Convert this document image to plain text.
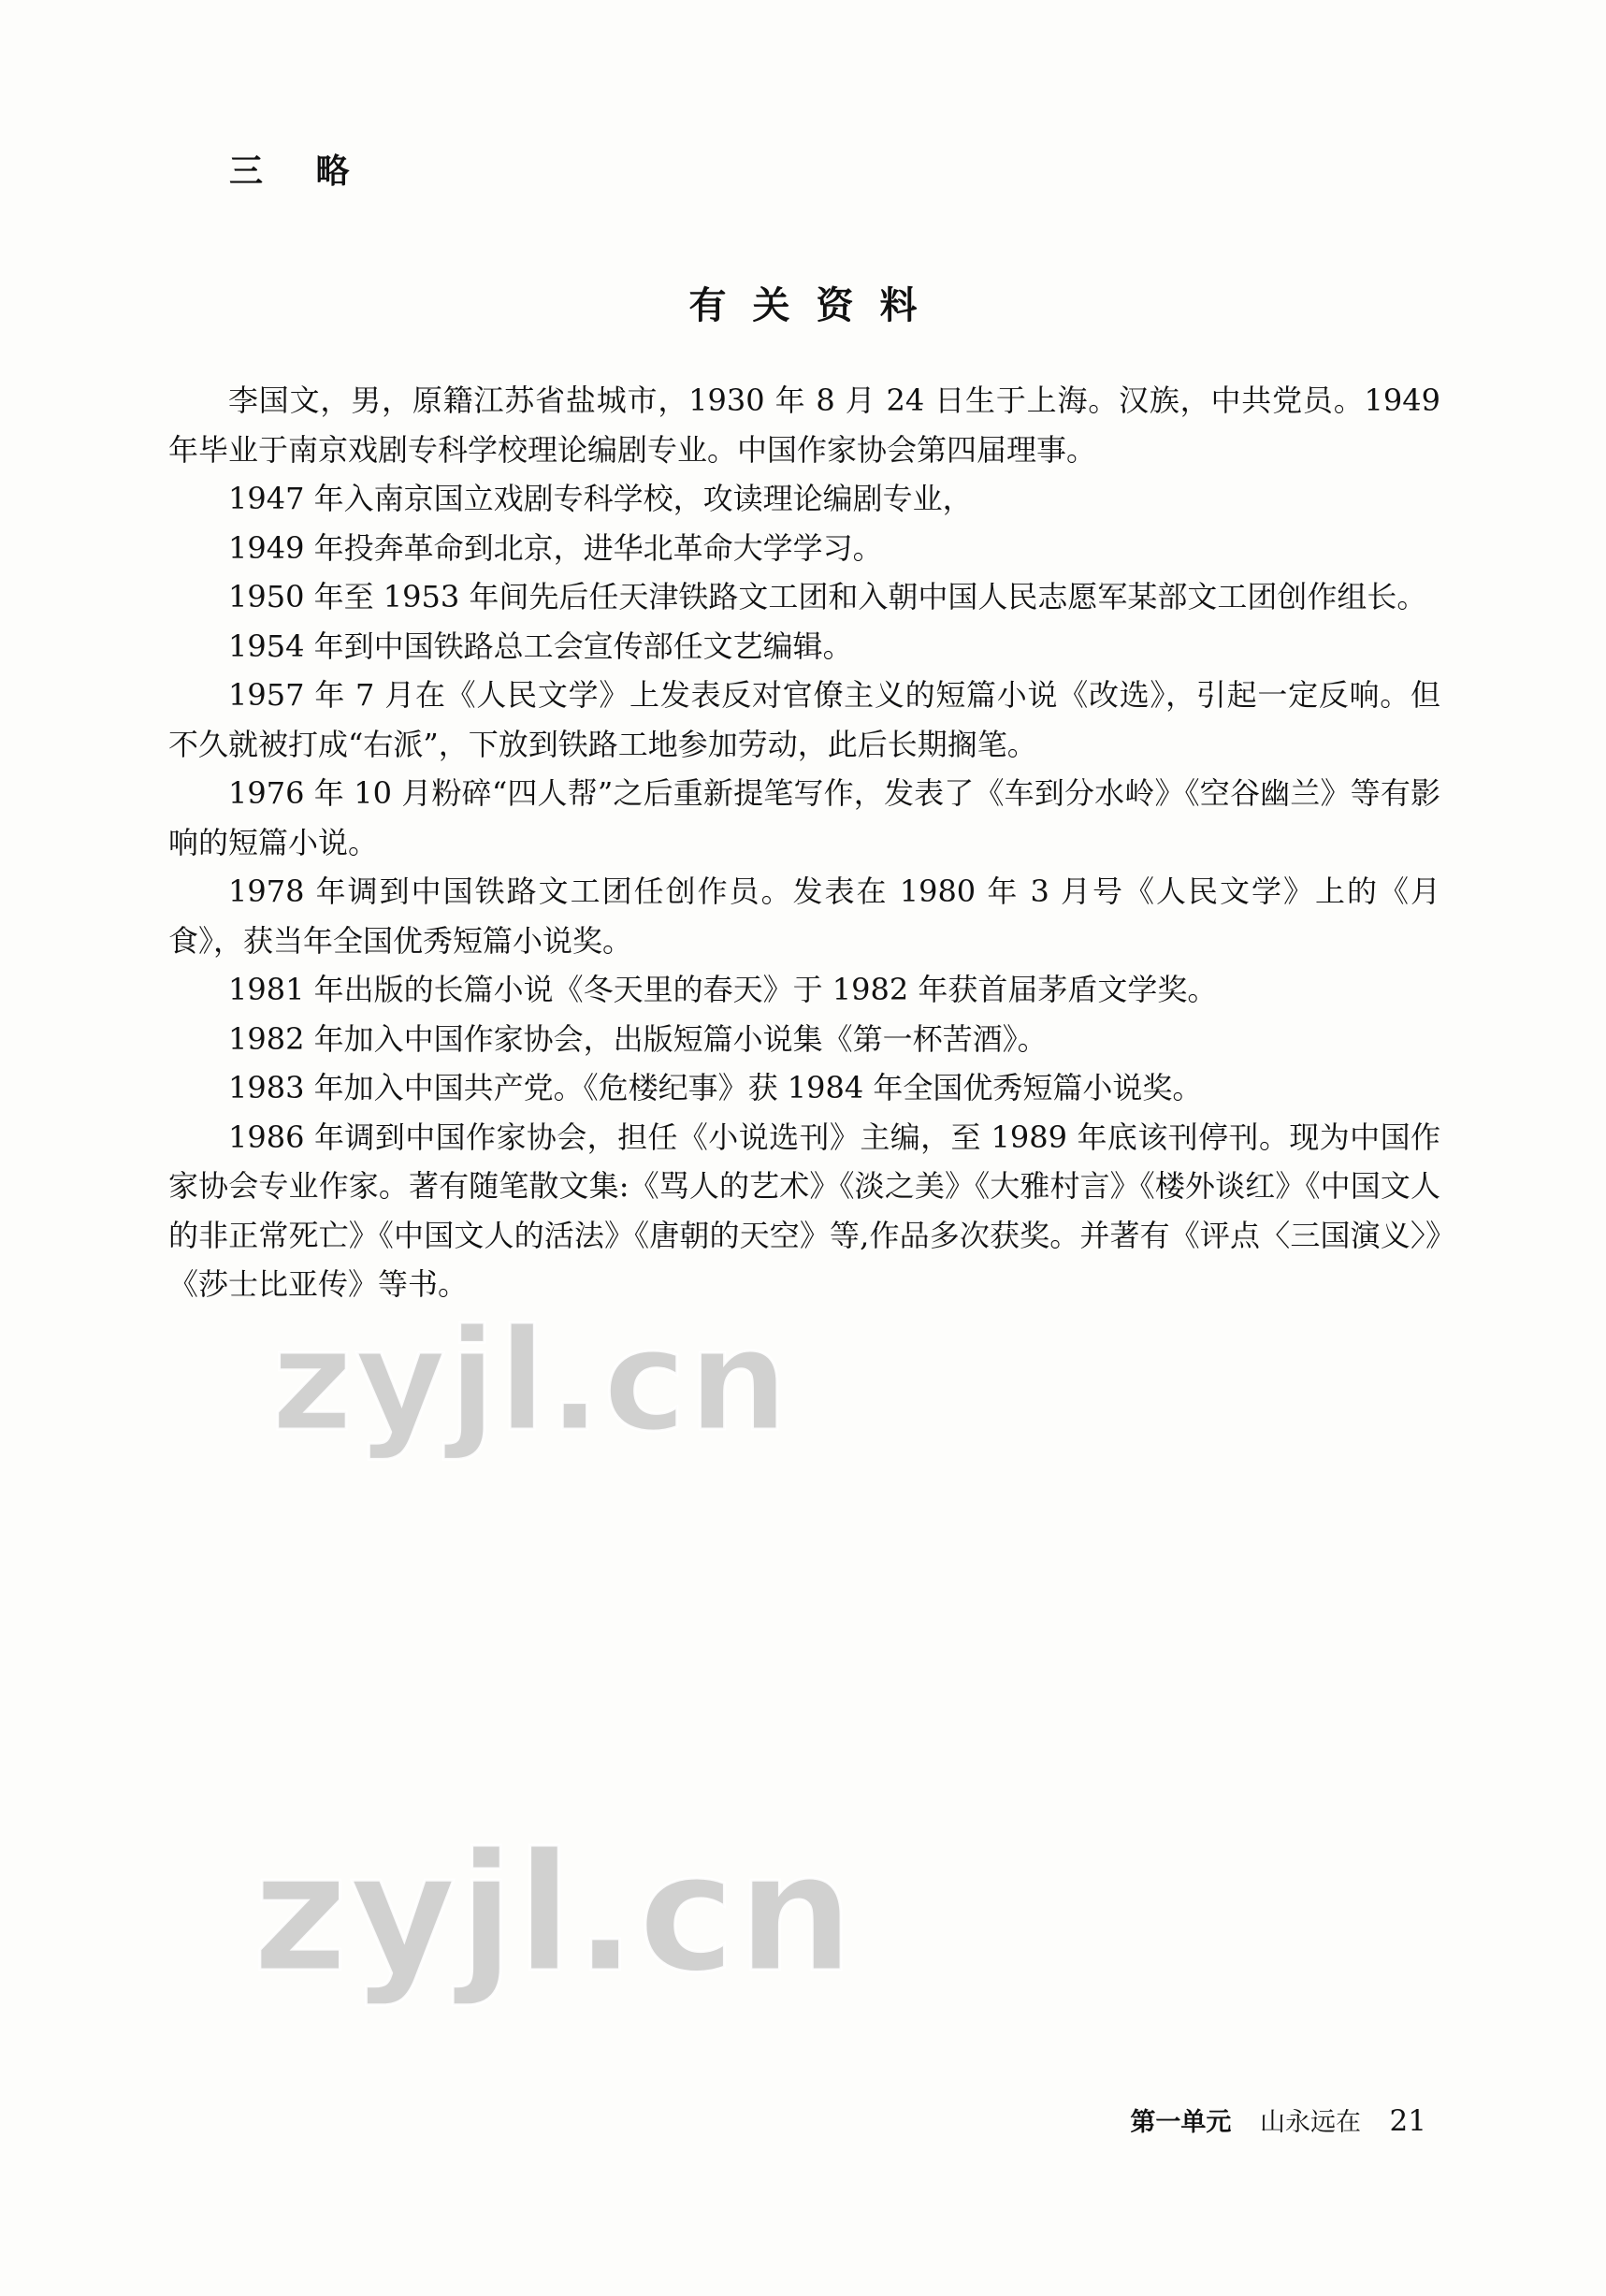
三 略
有关资料

李国文，男，原籍江苏省盐城市，1930 年 8 月 24 日生于上海。汉族，中共党员。1949 年毕业于南京戏剧专科学校理论编剧专业。中国作家协会第四届理事。

1947 年入南京国立戏剧专科学校，攻读理论编剧专业，

1949 年投奔革命到北京，进华北革命大学学习。

1950 年至 1953 年间先后任天津铁路文工团和入朝中国人民志愿军某部文工团创作组长。

1954 年到中国铁路总工会宣传部任文艺编辑。

1957 年 7 月在《人民文学》上发表反对官僚主义的短篇小说《改选》，引起一定反响。但不久就被打成“右派”，下放到铁路工地参加劳动，此后长期搁笔。

1976 年 10 月粉碎“四人帮”之后重新提笔写作，发表了《车到分水岭》《空谷幽兰》等有影响的短篇小说。

1978 年调到中国铁路文工团任创作员。发表在 1980 年 3 月号《人民文学》上的《月食》，获当年全国优秀短篇小说奖。

1981 年出版的长篇小说《冬天里的春天》于 1982 年获首届茅盾文学奖。

1982 年加入中国作家协会，出版短篇小说集《第一杯苦酒》。

1983 年加入中国共产党。《危楼纪事》获 1984 年全国优秀短篇小说奖。

1986 年调到中国作家协会，担任《小说选刊》主编，至 1989 年底该刊停刊。现为中国作家协会专业作家。著有随笔散文集:《骂人的艺术》《淡之美》《大雅村言》《楼外谈红》《中国文人的非正常死亡》《中国文人的活法》《唐朝的天空》等,作品多次获奖。并著有《评点〈三国演义〉》《莎士比亚传》等书。

zyjl.cn
zyjl.cn
第一单元 山永远在 21
